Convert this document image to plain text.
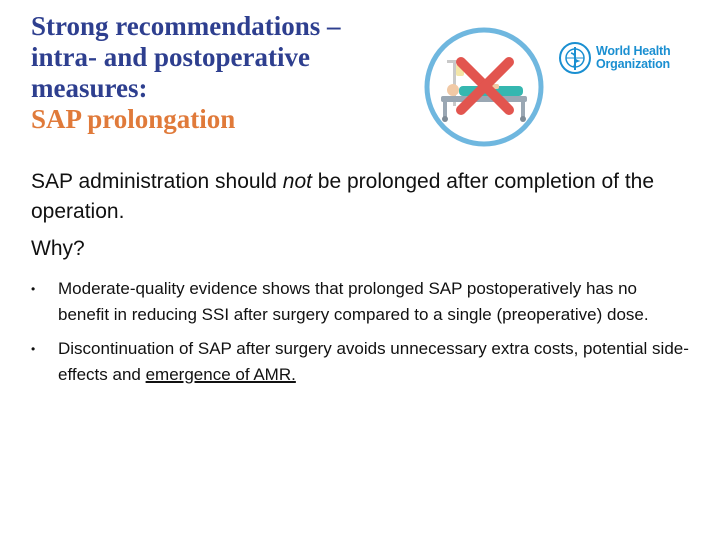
Strong recommendations –
intra- and postoperative
measures:
SAP prolongation
World Health
Organization
SAP administration should not be prolonged after completion of the operation.
Why?
•	Moderate-quality evidence shows that prolonged SAP postoperatively has no benefit in reducing SSI after surgery compared to a single (preoperative) dose.
•	Discontinuation of SAP after surgery avoids unnecessary extra costs, potential side-effects and emergence of AMR.
